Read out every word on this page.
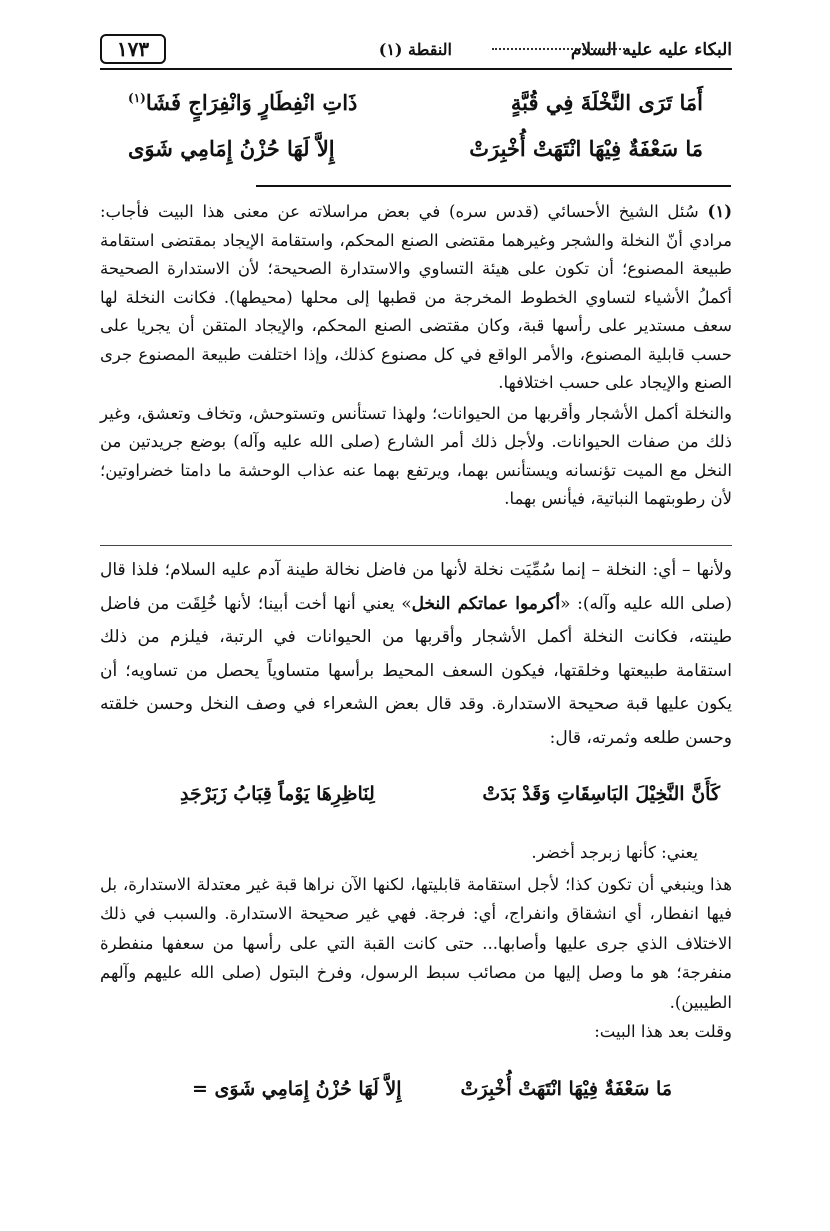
البكاء عليه عليه السلام
النقطة (١)
١٧٣
أَمَا تَرَى النَّخْلَةَ فِي قُبَّةٍ
ذَاتِ انْفِطَارٍ وَانْفِرَاجٍ فَشَا$^{(١)}$
مَا سَعْفَةٌ فِيْهَا انْتَهَتْ أُخْبِرَتْ
إِلاَّ لَهَا حُزْنُ إِمَامِي شَوَى

(١) سُئل الشيخ الأحسائي (قدس سره) في بعض مراسلاته عن معنى هذا البيت فأجاب: مرادي أنّ النخلة والشجر وغيرهما مقتضى الصنع المحكم، واستقامة الإيجاد بمقتضى استقامة طبيعة المصنوع؛ أن تكون على هيئة التساوي والاستدارة الصحيحة؛ لأن الاستدارة الصحيحة أكملُ الأشياء لتساوي الخطوط المخرجة من قطبها إلى محلها (محيطها). فكانت النخلة لها سعف مستدير على رأسها قبة، وكان مقتضى الصنع المحكم، والإيجاد المتقن أن يجريا على حسب قابلية المصنوع، والأمر الواقع في كل مصنوع كذلك، وإذا اختلفت طبيعة المصنوع جرى الصنع والإيجاد على حسب اختلافها.

والنخلة أكمل الأشجار وأقربها من الحيوانات؛ ولهذا تستأنس وتستوحش، وتخاف وتعشق، وغير ذلك من صفات الحيوانات. ولأجل ذلك أمر الشارع (صلى الله عليه وآله) بوضع جريدتين من النخل مع الميت تؤنسانه ويستأنس بهما، ويرتفع بهما عنه عذاب الوحشة ما دامتا خضراوتين؛ لأن رطوبتهما النباتية، فيأنس بهما.

ولأنها – أي: النخلة – إنما سُمِّيَت نخلة لأنها من فاضل نخالة طينة آدم عليه السلام؛ فلذا قال (صلى الله عليه وآله): «أكرموا عماتكم النخل» يعني أنها أخت أبينا؛ لأنها خُلِقَت من فاضل طينته، فكانت النخلة أكمل الأشجار وأقربها من الحيوانات في الرتبة، فيلزم من ذلك استقامة طبيعتها وخلقتها، فيكون السعف المحيط برأسها متساوياً يحصل من تساويه؛ أن يكون عليها قبة صحيحة الاستدارة. وقد قال بعض الشعراء في وصف النخل وحسن خلقته وحسن طلعه وثمرته، قال:

كَأَنَّ النَّخِيْلَ البَاسِقَاتِ وَقَدْ بَدَتْ
لِنَاظِرِهَا يَوْماً قِبَابُ زَبَرْجَدِ

يعني: كأنها زبرجد أخضر.

هذا وينبغي أن تكون كذا؛ لأجل استقامة قابليتها، لكنها الآن نراها قبة غير معتدلة الاستدارة، بل فيها انفطار، أي انشقاق وانفراج، أي: فرجة. فهي غير صحيحة الاستدارة. والسبب في ذلك الاختلاف الذي جرى عليها وأصابها... حتى كانت القبة التي على رأسها من سعفها منفطرة منفرجة؛ هو ما وصل إليها من مصائب سبط الرسول، وفرخ البتول (صلى الله عليهم وآلهم الطيبين).

وقلت بعد هذا البيت:

مَا سَعْفَةٌ فِيْهَا انْتَهَتْ أُخْبِرَتْ
إِلاَّ لَهَا حُزْنُ إِمَامِي شَوَى =
